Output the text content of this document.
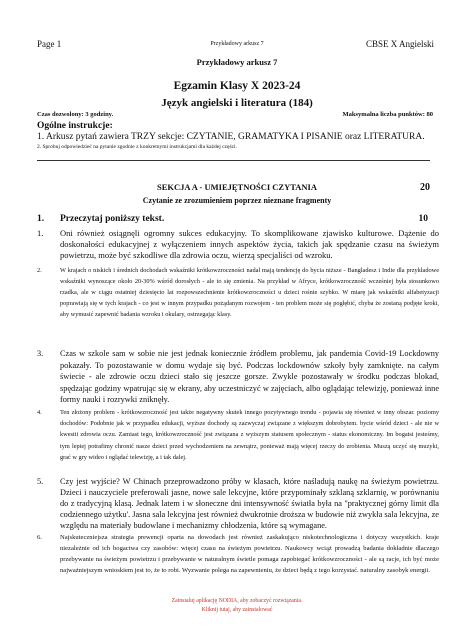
Page 1	Przykładowy arkusz 7	CBSE X Angielski
Przykładowy arkusz 7
Egzamin Klasy X 2023-24
Język angielski i literatura (184)
Czas dozwolony: 3 godziny.	Maksymalna liczba punktów: 80
Ogólne instrukcje:
1. Arkusz pytań zawiera TRZY sekcje: CZYTANIE, GRAMATYKA I PISANIE oraz LITERATURA.
2. Sprobuj odpowiedzieć na pytanie zgodnie z konkretnymi instrukcjami dla każdej części.
SEKCJA A - UMIEJĘTNOŚCI CZYTANIA	20
Czytanie ze zrozumieniem poprzez nieznane fragmenty
1. Przeczytaj poniższy tekst.	10
1. Oni również osiągnęli ogromny sukces edukacyjny. To skomplikowane zjawisko kulturowe. Dążenie do doskonałości edukacyjnej z wyłączeniem innych aspektów życia, takich jak spędzanie czasu na świeżym powietrzu, może być szkodliwe dla zdrowia oczu, wierzą specjaliści od wzroku.
2.	W krajach o niskich i średnich dochodach wskaźniki krótkowzroczności nadal mają tendencję do bycia niższe - Bangladesz i Indie dla przykładowe wskaźniki wynoszące około 20-30% wśród dorosłych - ale to się zmienia. Na przykład w Afryce, krótkowzroczność wcześniej była stosunkowo rzadka, ale w ciągu ostatniej dziesięcio lat rozpowszechnienie krótkowzroczności u dzieci rośnie szybko. W miarę jak wskaźniki alfabetyzacji poprawiają się w tych krajach - co jest w innym przypadku pożądanym rozwojem - ten problem może się pogłębić, chyba że zostaną podjęte kroki, aby wymusić zapewnić badania wzroku i okulary, ostrzegając klasy.
3. Czas w szkole sam w sobie nie jest jednak koniecznie źródłem problemu, jak pandemia Covid-19 Lockdowny pokazały. To pozostawanie w domu wydaje się być. Podczas lockdownów szkoły były zamknięte. na całym świecie - ale zdrowie oczu dzieci stało się jeszcze gorsze. Zwykle pozostawały w środku podczas blokad, spędzając godziny wpatrując się w ekrany, aby uczestniczyć w zajęciach, albo oglądając telewizję, ponieważ inne formy nauki i rozrywki zniknęły.
4.	Ten złożony problem - krótkowzroczność jest także negatywny skutek innego pozytywnego trendu - pojawia się również w inny obszar. poziomy dochodów: Podobnie jak w przypadku edukacji, wyższe dochody są zazwyczaj związane z większym dobrobytem. bycie wśród dzieci - ale nie w kwestii zdrowia oczu. Zamiast tego, krótkowzroczność jest związana z wyższym statusem społecznym - status ekonomiczny. Im bogatsi jesteśmy, tym lepiej potrafimy chronić nasze dzieci przed wychodzeniem na zewnątrz, ponieważ mają więcej rzeczy do zrobienia. Muszą uczyć się muzyki, grać w gry wideo i oglądać telewizję, a i tak dalej.
5. Czy jest wyjście? W Chinach przeprowadzono próby w klasach, które naśladują naukę na świeżym powietrzu. Dzieci i nauczyciele preferowali jasne, nowe sale lekcyjne, które przypominały szklaną szklarnię, w porównaniu do z tradycyjną klasą. Jednak latem i w słoneczne dni intensywność światła była na "praktycznej górny limit dla codziennego użytku'. Jasna sala lekcyjna jest również dwukrotnie droższa w budowie niż zwykła sala lekcyjna, ze względu na materiały budowlane i mechanizmy chłodzenia, które są wymagane.
6.	Najskuteczniejsza strategia prewencji oparta na dowodach jest również zaskakująco niskotechnologiczna i dotyczy wszystkich. kraje niezależnie od ich bogactwa czy zasobów: więcej czasu na świeżym powietrzu. Naukowcy wciąż prowadzą badania dokładnie dlaczego przebywanie na świeżym powietrzu i przebywanie w naturalnym świetle pomaga zapobiegać krótkowzroczności - ale są racje, ich być może najważniejszym wnioskiem jest to, że to robi. Wyzwanie polega na zapewnieniu, że dzieci będą z tego korzystać. naturalny zasobyk energii.
Zainstaluj aplikację NODIA, aby zobaczyć rozwiązania.
Kliknij tutaj, aby zainstalować
